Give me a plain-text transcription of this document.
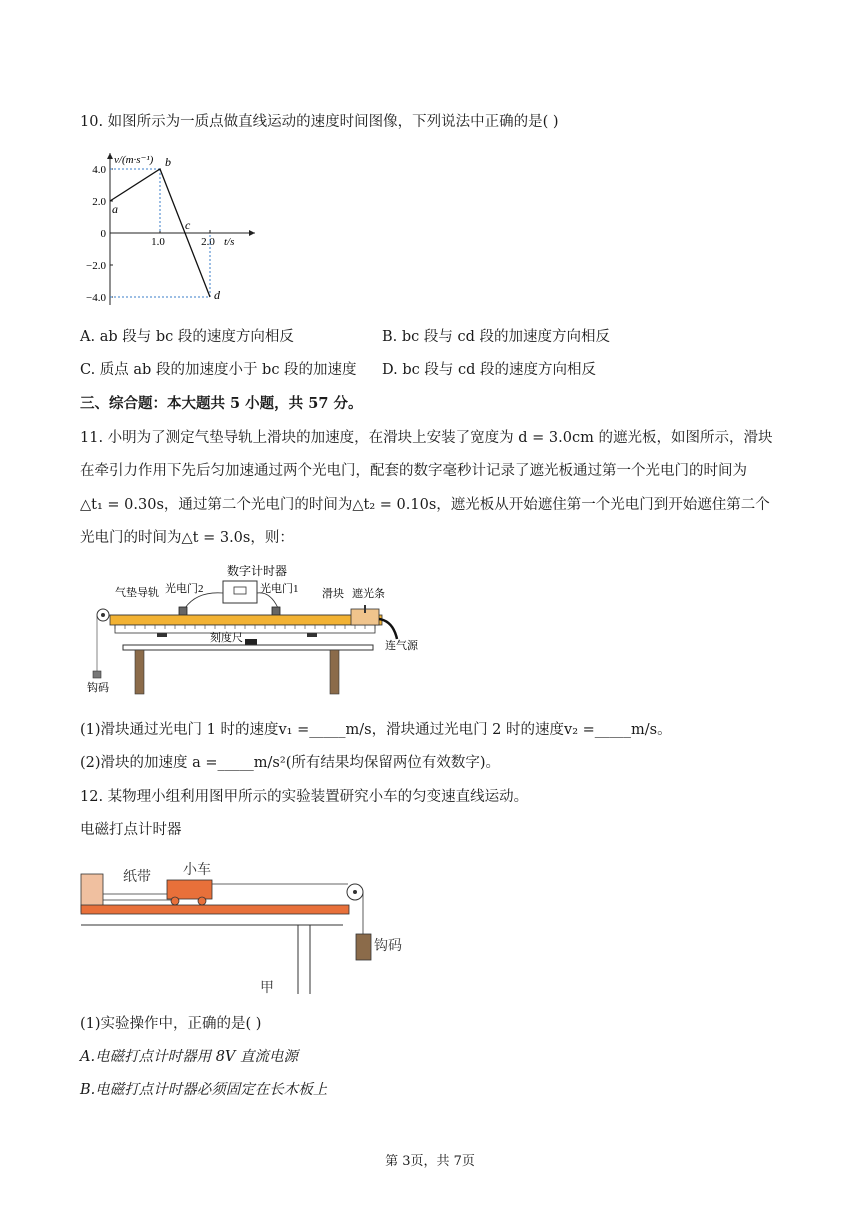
10. 如图所示为一质点做直线运动的速度时间图像，下列说法中正确的是( )
v/(m·s⁻¹)
t/s
4.0
2.0
0
−2.0
−4.0
1.0	2.0
a
b
c
d
A. ab 段与 bc 段的速度方向相反	B. bc 段与 cd 段的加速度方向相反
C. 质点 ab 段的加速度小于 bc 段的加速度 D. bc 段与 cd 段的速度方向相反
三、综合题：本大题共 5 小题，共 57 分。
11. 小明为了测定气垫导轨上滑块的加速度，在滑块上安装了宽度为 d = 3.0cm 的遮光板，如图所示，滑块
在牵引力作用下先后匀加速通过两个光电门，配套的数字毫秒计记录了遮光板通过第一个光电门的时间为
△t₁ = 0.30s，通过第二个光电门的时间为△t₂ = 0.10s，遮光板从开始遮住第一个光电门到开始遮住第二个
光电门的时间为△t = 3.0s，则：
数字计时器
气垫导轨 光电门2	光电门1 滑块 遮光条
刻度尺
钩码
连气源
(1)滑块通过光电门 1 时的速度v₁ =_____m/s，滑块通过光电门 2 时的速度v₂ =_____m/s。
(2)滑块的加速度 a =_____m/s²(所有结果均保留两位有效数字)。
12. 某物理小组利用图甲所示的实验装置研究小车的匀变速直线运动。
电磁打点计时器
纸带 小车
钩码
甲
(1)实验操作中，正确的是( )
A.电磁打点计时器用 8V 直流电源
B.电磁打点计时器必须固定在长木板上
第 3页，共 7页
